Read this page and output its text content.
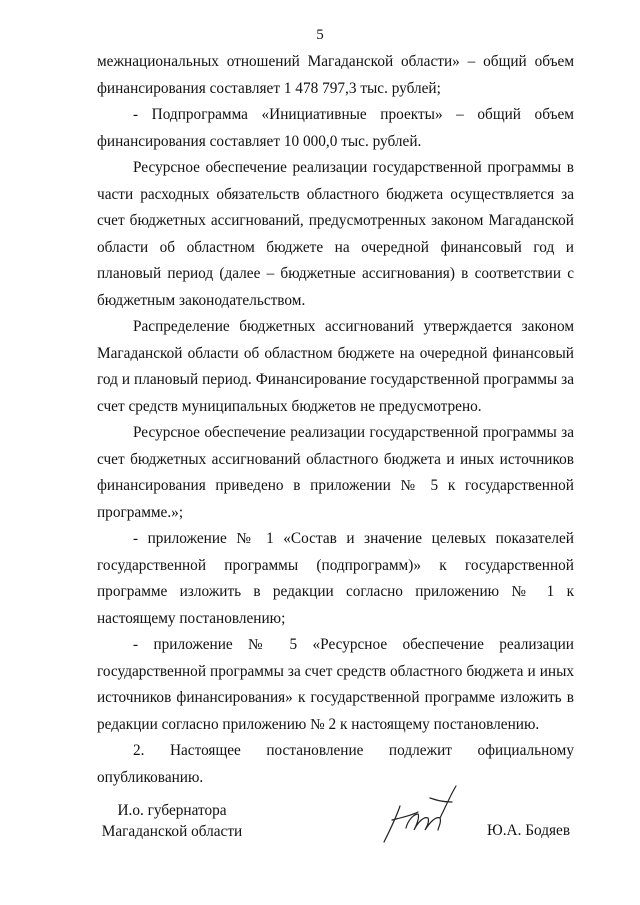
5

межнациональных отношений Магаданской области» – общий объем финансирования составляет 1 478 797,3 тыс. рублей;

- Подпрограмма «Инициативные проекты» – общий объем финансирования составляет 10 000,0 тыс. рублей.

Ресурсное обеспечение реализации государственной программы в части расходных обязательств областного бюджета осуществляется за счет бюджетных ассигнований, предусмотренных законом Магаданской области об областном бюджете на очередной финансовый год и плановый период (далее – бюджетные ассигнования) в соответствии с бюджетным законодательством.

Распределение бюджетных ассигнований утверждается законом Магаданской области об областном бюджете на очередной финансовый год и плановый период. Финансирование государственной программы за счет средств муниципальных бюджетов не предусмотрено.

Ресурсное обеспечение реализации государственной программы за счет бюджетных ассигнований областного бюджета и иных источников финансирования приведено в приложении № 5 к государственной программе.»;

- приложение № 1 «Состав и значение целевых показателей государственной программы (подпрограмм)» к государственной программе изложить в редакции согласно приложению № 1 к настоящему постановлению;

- приложение № 5 «Ресурсное обеспечение реализации государственной программы за счет средств областного бюджета и иных источников финансирования» к государственной программе изложить в редакции согласно приложению № 2 к настоящему постановлению.

2. Настоящее постановление подлежит официальному опубликованию.

И.о. губернатора
Магаданской области	Ю.А. Бодяев
